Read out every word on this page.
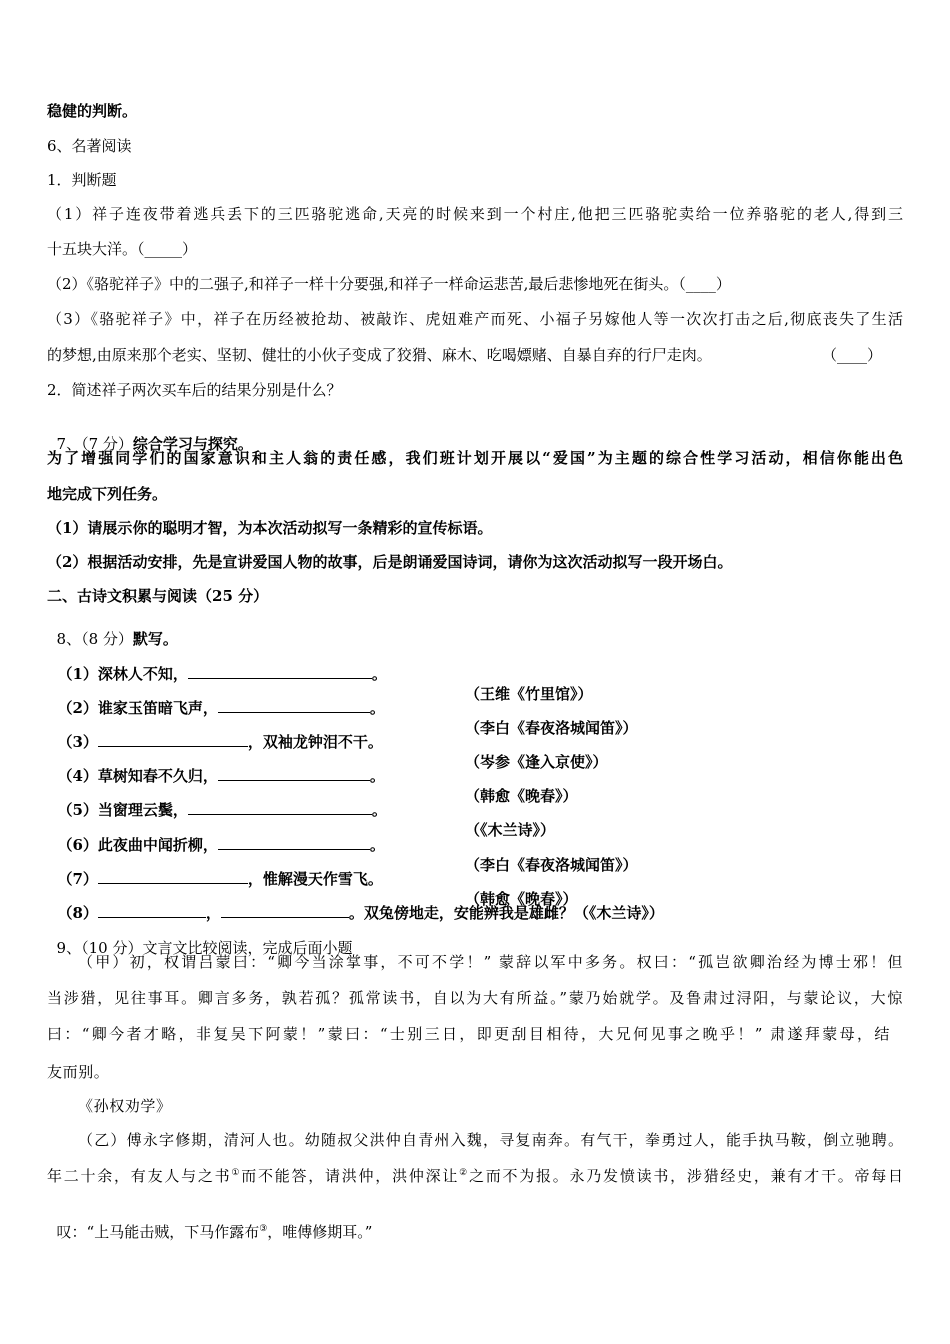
稳健的判断。
6、名著阅读
1．判断题
（1）祥子连夜带着逃兵丢下的三匹骆驼逃命,天亮的时候来到一个村庄,他把三匹骆驼卖给一位养骆驼的老人,得到三
十五块大洋。（_____）
（2）《骆驼祥子》中的二强子,和祥子一样十分要强,和祥子一样命运悲苦,最后悲惨地死在街头。（____）
（3）《骆驼祥子》中，祥子在历经被抢劫、被敲诈、虎妞难产而死、小福子另嫁他人等一次次打击之后,彻底丧失了生活
的梦想,由原来那个老实、坚韧、健壮的小伙子变成了狡猾、麻木、吃喝嫖赌、自暴自弃的行尸走肉。	（____）
2．简述祥子两次买车后的结果分别是什么？

7、（7 分）综合学习与探究。

为了增强同学们的国家意识和主人翁的责任感，我们班计划开展以“爱国”为主题的综合性学习活动，相信你能出色
地完成下列任务。
（1）请展示你的聪明才智，为本次活动拟写一条精彩的宣传标语。
（2）根据活动安排，先是宣讲爱国人物的故事，后是朗诵爱国诗词，请你为这次活动拟写一段开场白。
二、古诗文积累与阅读（25 分）

8、（8 分）默写。

（1）深林人不知，	。

（王维《竹里馆》）

（2）谁家玉笛暗飞声，	。

（李白《春夜洛城闻笛》）

（3）	，双袖龙钟泪不干。

（岑参《逢入京使》）

（4）草树知春不久归，	。

（韩愈《晚春》）

（5）当窗理云鬓，	。

（《木兰诗》）

（6）此夜曲中闻折柳，	。

（李白《春夜洛城闻笛》）

（7）	，惟解漫天作雪飞。

（韩愈《晚春》）

（8）	，	。双兔傍地走，安能辨我是雄雌？（《木兰诗》）

9、（10 分）文言文比较阅读，完成后面小题

（甲）初，权谓吕蒙曰：“卿今当涂掌事，不可不学！” 蒙辞以军中多务。权曰：“孤岂欲卿治经为博士邪！但
当涉猎，见往事耳。卿言多务，孰若孤？孤常读书，自以为大有所益。”蒙乃始就学。及鲁肃过浔阳，与蒙论议，大惊
曰：“卿今者才略，非复吴下阿蒙！”蒙曰：“士别三日，即更刮目相待，大兄何见事之晚乎！” 肃遂拜蒙母，结
友而别。
《孙权劝学》
（乙）傅永字修期，清河人也。幼随叔父洪仲自青州入魏，寻复南奔。有气干，拳勇过人，能手执马鞍，倒立驰聘。
年二十余，有友人与之书①而不能答，请洪仲，洪仲深让②之而不为报。永乃发愤读书，涉猎经史，兼有才干。帝每日

叹：“上马能击贼，下马作露布③，唯傅修期耳。”
